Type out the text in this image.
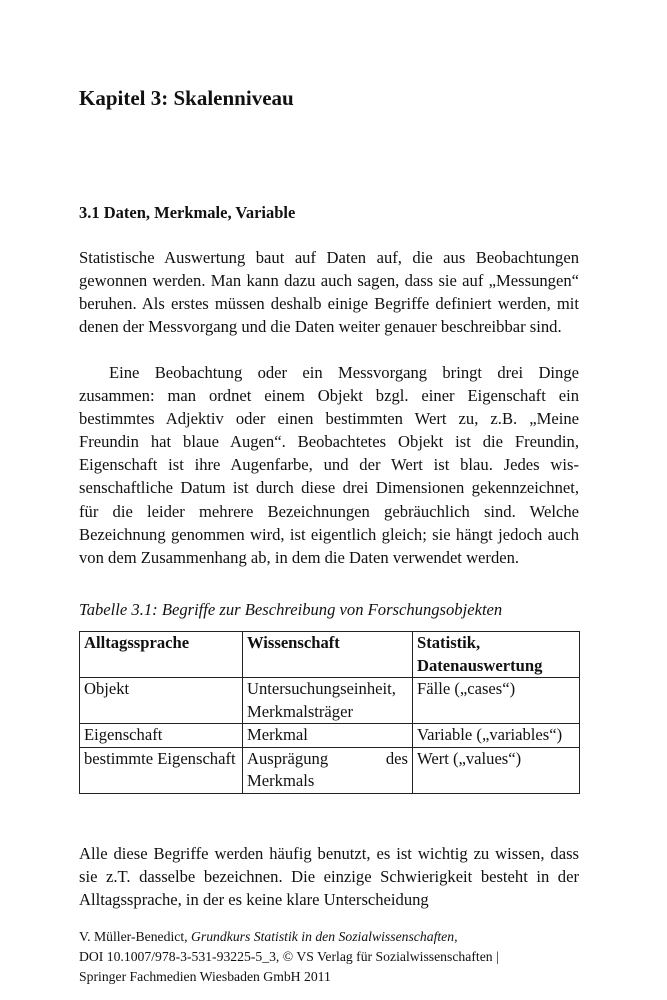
Kapitel 3: Skalenniveau
3.1 Daten, Merkmale, Variable

Statistische Auswertung baut auf Daten auf, die aus Beobachtungen gewonnen werden. Man kann dazu auch sagen, dass sie auf „Messungen“ beruhen. Als erstes müssen deshalb einige Begriffe definiert werden, mit denen der Messvorgang und die Daten weiter genauer beschreibbar sind.

Eine Beobachtung oder ein Messvorgang bringt drei Dinge zusammen: man ordnet einem Objekt bzgl. einer Eigenschaft ein bestimmtes Adjektiv oder einen bestimmten Wert zu, z.B. „Meine Freundin hat blaue Augen“. Beobachtetes Objekt ist die Freundin, Eigenschaft ist ihre Augenfarbe, und der Wert ist blau. Jedes wissenschaftliche Datum ist durch diese drei Dimensionen gekennzeichnet, für die leider mehrere Bezeichnungen gebräuchlich sind. Welche Bezeichnung genommen wird, ist eigentlich gleich; sie hängt jedoch auch von dem Zusammenhang ab, in dem die Daten verwendet werden.

Tabelle 3.1: Begriffe zur Beschreibung von Forschungsobjekten

Alltagssprache	Wissenschaft	Statistik, Datenauswertung
Objekt	Untersuchungseinheit, Merkmalsträger	Fälle („cases“)
Eigenschaft	Merkmal	Variable („variables“)
bestimmte Eigenschaft	Ausprägung des Merkmals	Wert („values“)

Alle diese Begriffe werden häufig benutzt, es ist wichtig zu wissen, dass sie z.T. dasselbe bezeichnen. Die einzige Schwierigkeit besteht in der Alltagssprache, in der es keine klare Unterscheidung

V. Müller-Benedict, Grundkurs Statistik in den Sozialwissenschaften,
DOI 10.1007/978-3-531-93225-5_3, © VS Verlag für Sozialwissenschaften |
Springer Fachmedien Wiesbaden GmbH 2011
